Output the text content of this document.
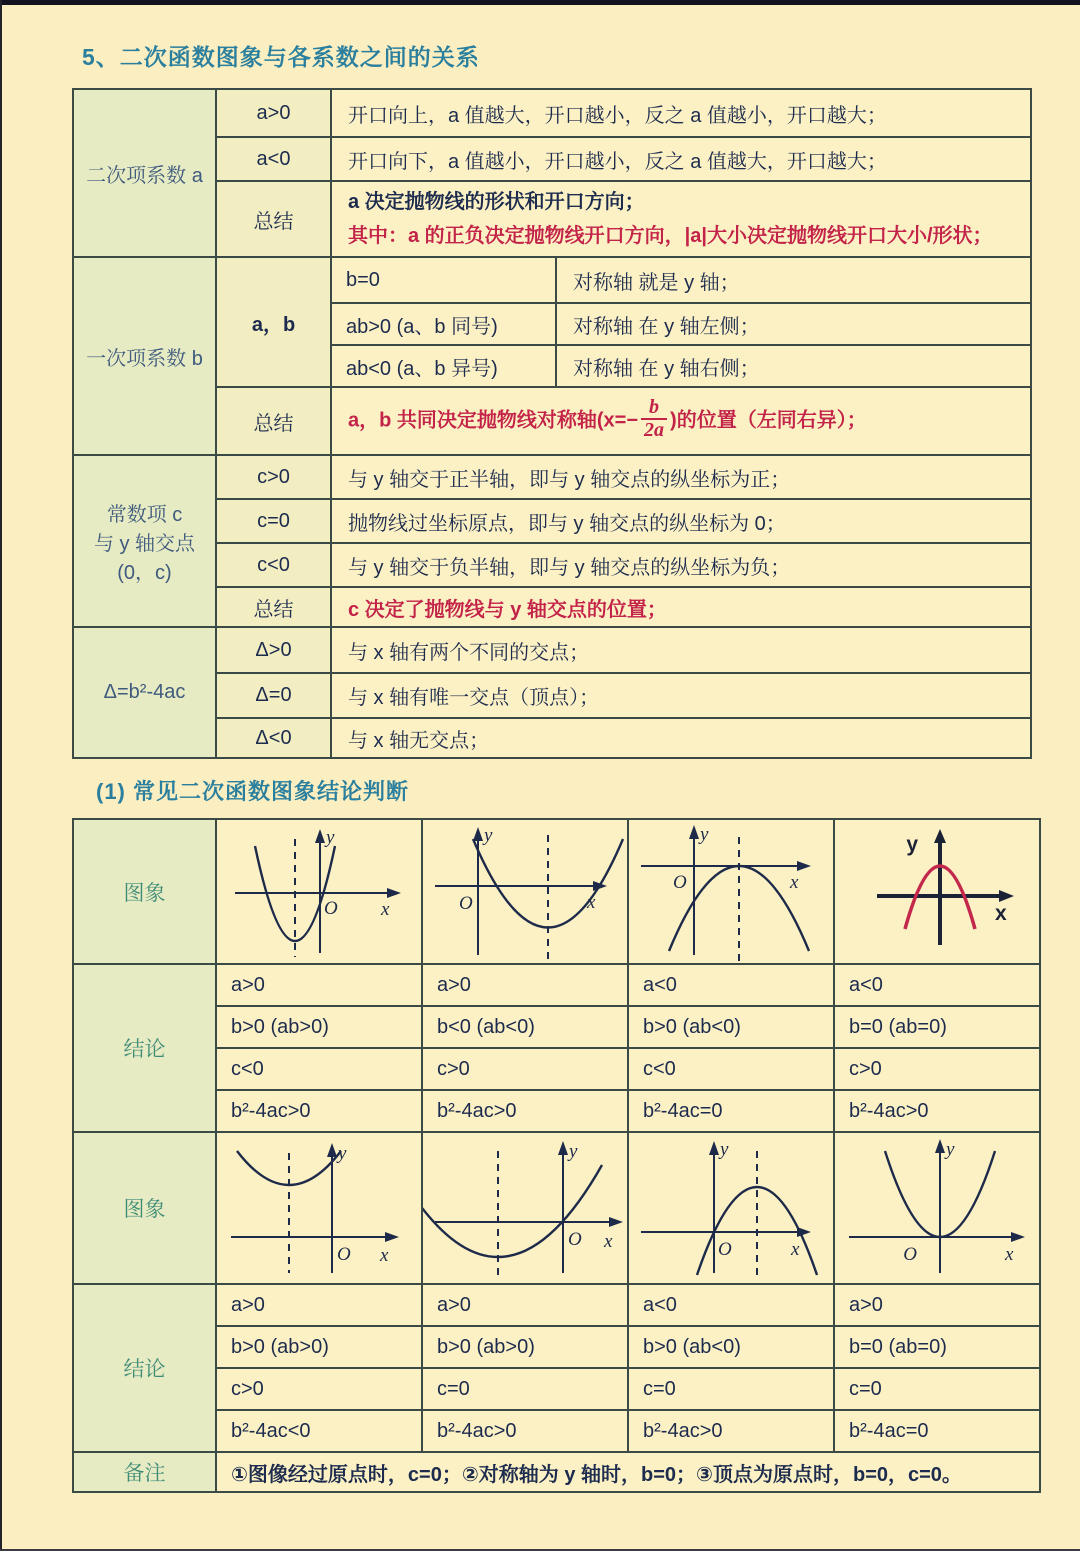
5、二次函数图象与各系数之间的关系
二次项系数 a	a>0	开口向上，a 值越大，开口越小，反之 a 值越小，开口越大；	
	a<0	开口向下，a 值越小，开口越小，反之 a 值越大，开口越大；	
	总结	a 决定抛物线的形状和开口方向；
其中：a 的正负决定抛物线开口方向，|a|大小决定抛物线开口大小/形状；	

一次项系数 b	a，b	b=0	对称轴 就是 y 轴；
		ab>0 (a、b 同号)	对称轴 在 y 轴左侧；
		ab<0 (a、b 异号)	对称轴 在 y 轴右侧；
	总结	a，b 共同决定抛物线对称轴($x=- \frac{b}{2a}$ )的位置（左同右异）；	

常数项 c
与 y 轴交点
(0，c)	c>0	与 y 轴交于正半轴，即与 y 轴交点的纵坐标为正；	
	c=0	抛物线过坐标原点，即与 y 轴交点的纵坐标为 0；	
	c<0	与 y 轴交于负半轴，即与 y 轴交点的纵坐标为负；	
	总结	c 决定了抛物线与 y 轴交点的位置；	
Δ=b²-4ac	Δ>0	与 x 轴有两个不同的交点；	
	Δ=0	与 x 轴有唯一交点（顶点）；	
	Δ<0	与 x 轴无交点；	
(1) 常见二次函数图象结论判断
图象	y
x
O	y
x
O	y
x
O	y
x

结论	a>0	a>0	a<0	a<0
	b>0 (ab>0)	b<0 (ab<0)	b>0 (ab<0)	b=0 (ab=0)
	c<0	c>0	c<0	c>0
	b²-4ac>0	b²-4ac>0	b²-4ac=0	b²-4ac>0
图象	y
x
O	y
x
O	y
x
O	y
x
O

结论	a>0	a>0	a<0	a>0
	b>0 (ab>0)	b>0 (ab>0)	b>0 (ab<0)	b=0 (ab=0)
	c>0	c=0	c=0	c=0
	b²-4ac<0	b²-4ac>0	b²-4ac>0	b²-4ac=0
备注	①图像经过原点时，c=0；②对称轴为 y 轴时，b=0；③顶点为原点时，b=0，c=0。			
